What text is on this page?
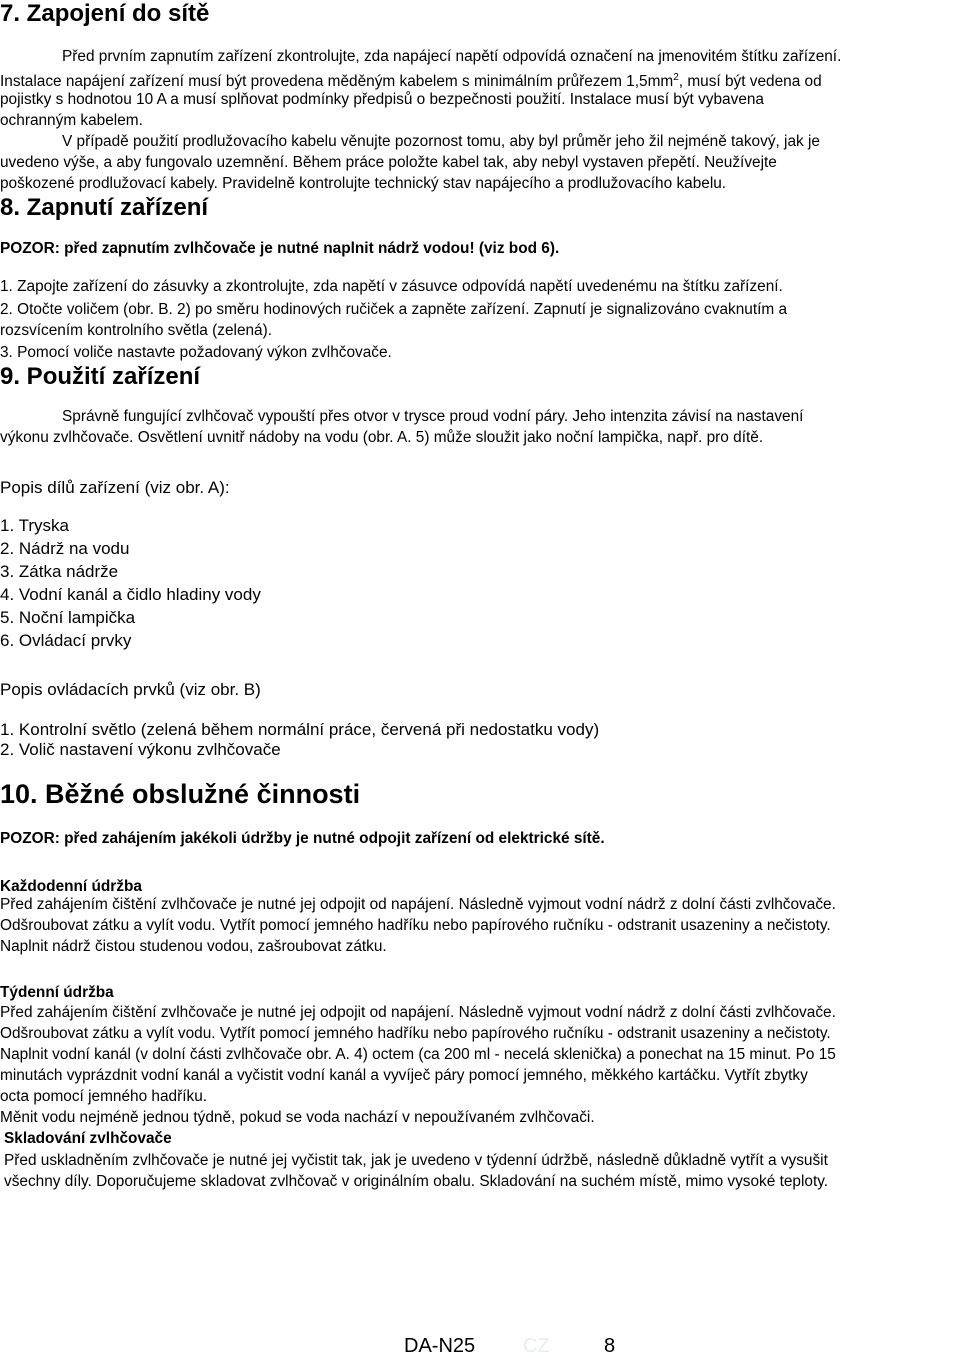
7. Zapojení do sítě
Před prvním zapnutím zařízení zkontrolujte, zda napájecí napětí odpovídá označení na jmenovitém štítku zařízení.
Instalace napájení zařízení musí být provedena měděným kabelem s minimálním průřezem $1,5mm^2$, musí být vedena od
pojistky s hodnotou 10 A a musí splňovat podmínky předpisů o bezpečnosti použití. Instalace musí být vybavena
ochranným kabelem.
V případě použití prodlužovacího kabelu věnujte pozornost tomu, aby byl průměr jeho žil nejméně takový, jak je
uvedeno výše, a aby fungovalo uzemnění. Během práce položte kabel tak, aby nebyl vystaven přepětí. Neužívejte
poškozené prodlužovací kabely. Pravidelně kontrolujte technický stav napájecího a prodlužovacího kabelu.
8. Zapnutí zařízení
POZOR: před zapnutím zvlhčovače je nutné naplnit nádrž vodou! (viz bod 6).
1. Zapojte zařízení do zásuvky a zkontrolujte, zda napětí v zásuvce odpovídá napětí uvedenému na štítku zařízení.
2. Otočte voličem (obr. B. 2) po směru hodinových ručiček a zapněte zařízení. Zapnutí je signalizováno cvaknutím a
rozsvícením kontrolního světla (zelená).
3. Pomocí voliče nastavte požadovaný výkon zvlhčovače.
9. Použití zařízení
Správně fungující zvlhčovač vypouští přes otvor v trysce proud vodní páry. Jeho intenzita závisí na nastavení
výkonu zvlhčovače. Osvětlení uvnitř nádoby na vodu (obr. A. 5) může sloužit jako noční lampička, např. pro dítě.
Popis dílů zařízení (viz obr. A):
1. Tryska
2. Nádrž na vodu
3. Zátka nádrže
4. Vodní kanál a čidlo hladiny vody
5. Noční lampička
6. Ovládací prvky
Popis ovládacích prvků (viz obr. B)
1. Kontrolní světlo (zelená během normální práce, červená při nedostatku vody)
2. Volič nastavení výkonu zvlhčovače
10. Běžné obslužné činnosti
POZOR: před zahájením jakékoli údržby je nutné odpojit zařízení od elektrické sítě.
Každodenní údržba
Před zahájením čištění zvlhčovače je nutné jej odpojit od napájení. Následně vyjmout vodní nádrž z dolní části zvlhčovače.
Odšroubovat zátku a vylít vodu. Vytřít pomocí jemného hadříku nebo papírového ručníku - odstranit usazeniny a nečistoty.
Naplnit nádrž čistou studenou vodou, zašroubovat zátku.
Týdenní údržba
Před zahájením čištění zvlhčovače je nutné jej odpojit od napájení. Následně vyjmout vodní nádrž z dolní části zvlhčovače.
Odšroubovat zátku a vylít vodu. Vytřít pomocí jemného hadříku nebo papírového ručníku - odstranit usazeniny a nečistoty.
Naplnit vodní kanál (v dolní části zvlhčovače obr. A. 4) octem (ca 200 ml - necelá sklenička) a ponechat na 15 minut. Po 15
minutách vyprázdnit vodní kanál a vyčistit vodní kanál a vyvíječ páry pomocí jemného, měkkého kartáčku. Vytřít zbytky
octa pomocí jemného hadříku.
Měnit vodu nejméně jednou týdně, pokud se voda nachází v nepoužívaném zvlhčovači.
Skladování zvlhčovače
Před uskladněním zvlhčovače je nutné jej vyčistit tak, jak je uvedeno v týdenní údržbě, následně důkladně vytřít a vysušit
všechny díly. Doporučujeme skladovat zvlhčovač v originálním obalu. Skladování na suchém místě, mimo vysoké teploty.
DA-N25 CZ	8
